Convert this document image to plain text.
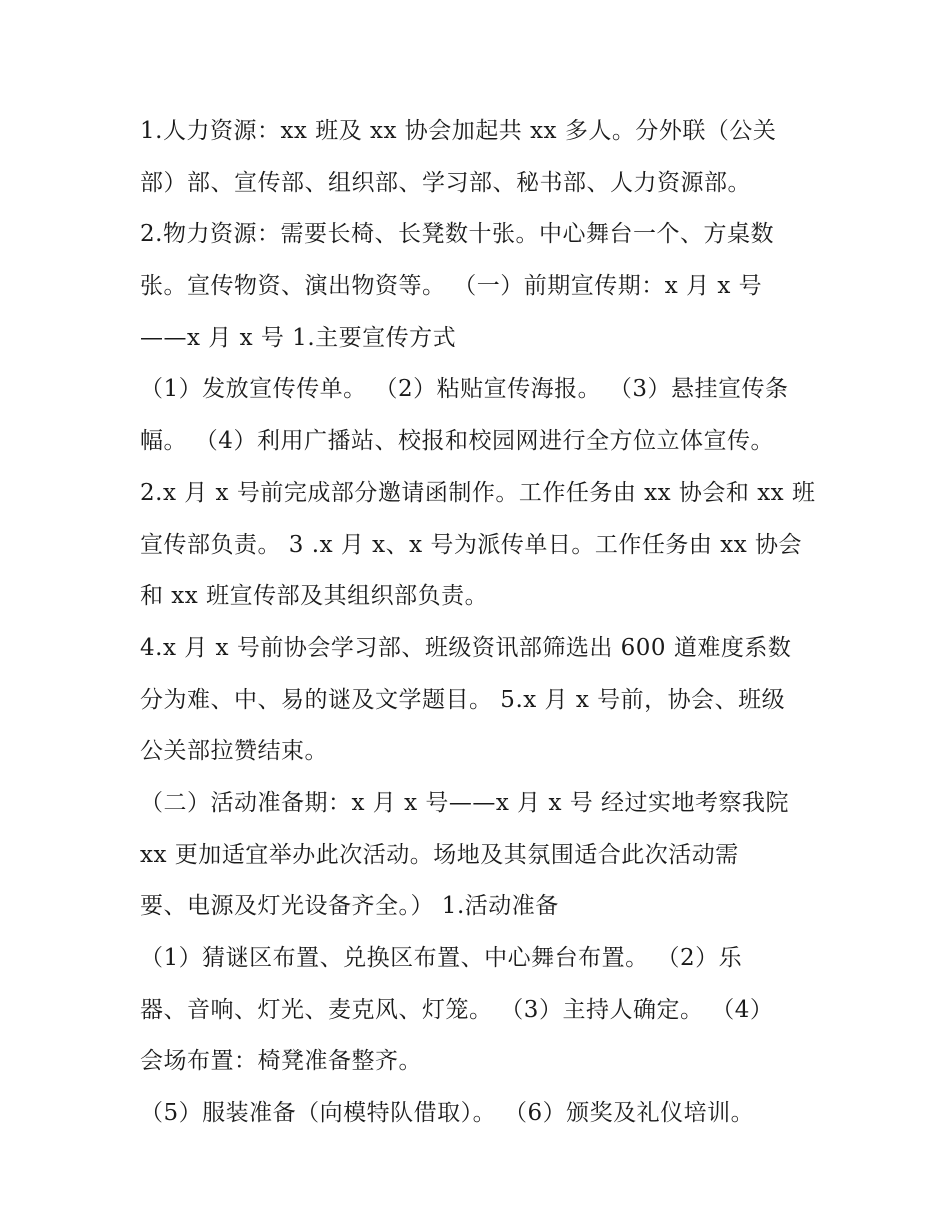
1.人力资源：xx 班及 xx 协会加起共 xx 多人。分外联（公关
部）部、宣传部、组织部、学习部、秘书部、人力资源部。
2.物力资源：需要长椅、长凳数十张。中心舞台一个、方桌数
张。宣传物资、演出物资等。 （一）前期宣传期：x 月 x 号
——x 月 x 号 1.主要宣传方式
（1）发放宣传传单。 （2）粘贴宣传海报。 （3）悬挂宣传条
幅。 （4）利用广播站、校报和校园网进行全方位立体宣传。
2.x 月 x 号前完成部分邀请函制作。工作任务由 xx 协会和 xx 班
宣传部负责。 3 .x 月 x、x 号为派传单日。工作任务由 xx 协会
和 xx 班宣传部及其组织部负责。
4.x 月 x 号前协会学习部、班级资讯部筛选出 600 道难度系数
分为难、中、易的谜及文学题目。 5.x 月 x 号前，协会、班级
公关部拉赞结束。
（二）活动准备期：x 月 x 号——x 月 x 号 经过实地考察我院
xx 更加适宜举办此次活动。场地及其氛围适合此次活动需
要、电源及灯光设备齐全。） 1.活动准备
（1）猜谜区布置、兑换区布置、中心舞台布置。 （2）乐
器、音响、灯光、麦克风、灯笼。 （3）主持人确定。 （4）
会场布置：椅凳准备整齐。
（5）服装准备（向模特队借取）。 （6）颁奖及礼仪培训。
